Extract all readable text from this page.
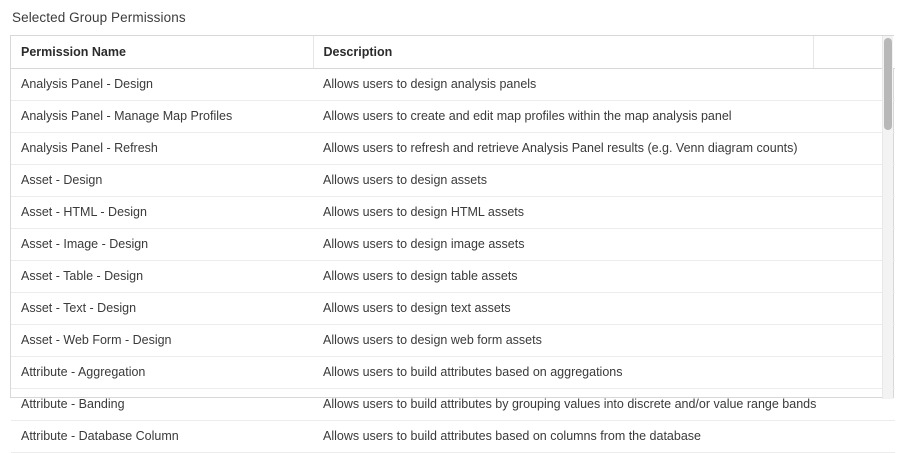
Selected Group Permissions
Permission Name	Description	
Analysis Panel - Design	Allows users to design analysis panels	
Analysis Panel - Manage Map Profiles	Allows users to create and edit map profiles within the map analysis panel	
Analysis Panel - Refresh	Allows users to refresh and retrieve Analysis Panel results (e.g. Venn diagram counts)	
Asset - Design	Allows users to design assets	
Asset - HTML - Design	Allows users to design HTML assets	
Asset - Image - Design	Allows users to design image assets	
Asset - Table - Design	Allows users to design table assets	
Asset - Text - Design	Allows users to design text assets	
Asset - Web Form - Design	Allows users to design web form assets	
Attribute - Aggregation	Allows users to build attributes based on aggregations	
Attribute - Banding	Allows users to build attributes by grouping values into discrete and/or value range bands	
Attribute - Database Column	Allows users to build attributes based on columns from the database	
